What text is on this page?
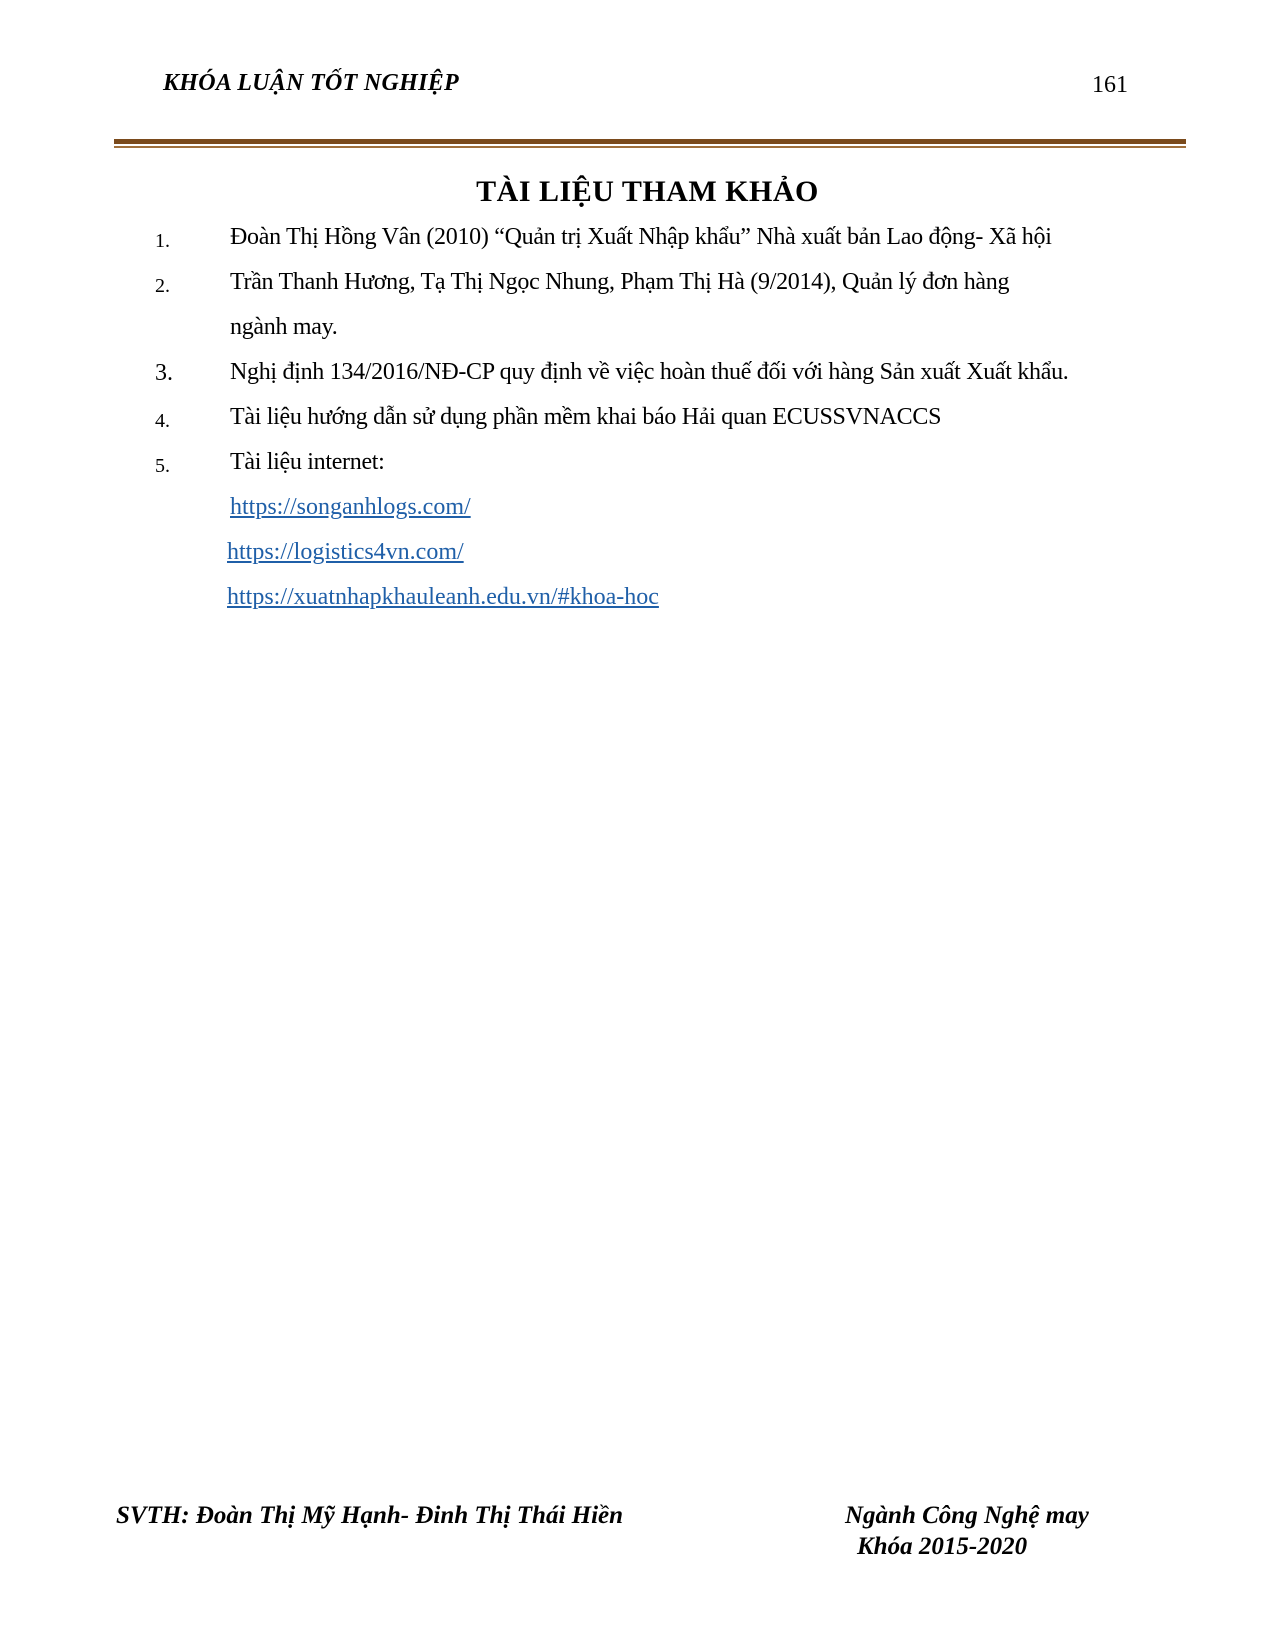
KHÓA LUẬN TỐT NGHIỆP	161
TÀI LIỆU THAM KHẢO
1.	Đoàn Thị Hồng Vân (2010) “Quản trị Xuất Nhập khẩu” Nhà xuất bản Lao động- Xã hội
2.	Trần Thanh Hương, Tạ Thị Ngọc Nhung, Phạm Thị Hà (9/2014), Quản lý đơn hàng
ngành may.
3. Nghị định 134/2016/NĐ-CP quy định về việc hoàn thuế đối với hàng Sản xuất Xuất khẩu.
4.	Tài liệu hướng dẫn sử dụng phần mềm khai báo Hải quan ECUSSVNACCS
5.	Tài liệu internet:
https://songanhlogs.com/
https://logistics4vn.com/
https://xuatnhapkhauleanh.edu.vn/#khoa-hoc
SVTH: Đoàn Thị Mỹ Hạnh- Đinh Thị Thái Hiền	Ngành Công Nghệ may
Khóa 2015-2020
